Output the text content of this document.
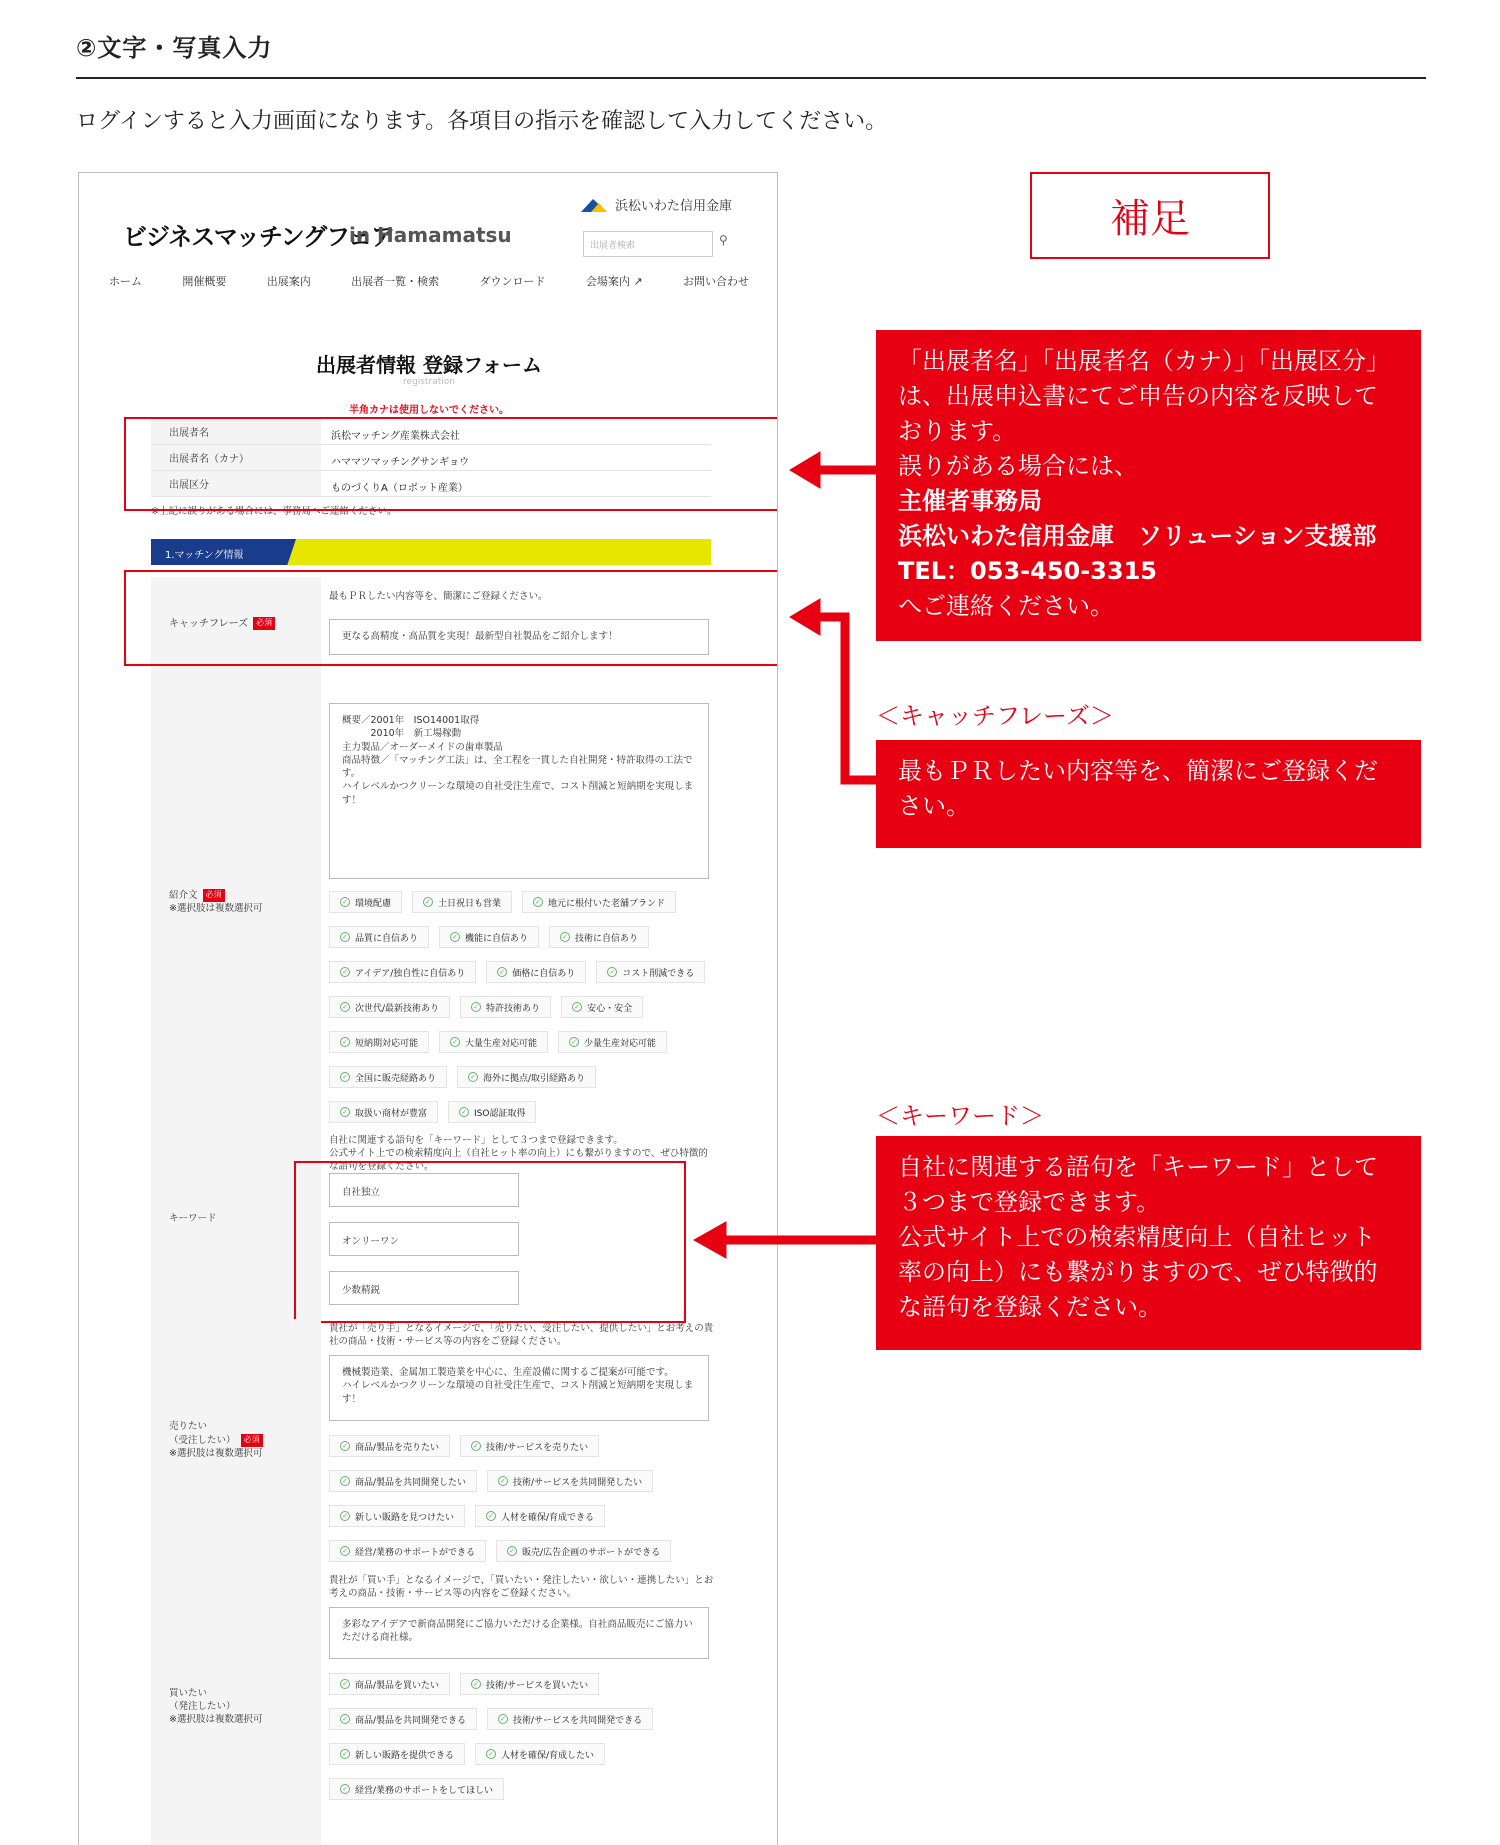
②文字・写真入力
ログインすると入力画面になります。各項目の指示を確認して入力してください。
ビジネスマッチングフェア
in Hamamatsu
浜松いわた信用金庫
出展者検索	⚲
ホーム	開催概要	出展案内	出展者一覧・検索	ダウンロード	会場案内 ↗	お問い合わせ
出展者情報 登録フォーム
registration
半角カナは使用しないでください。
出展者名	浜松マッチング産業株式会社
出展者名（カナ）	ハママツマッチングサンギョウ
出展区分	ものづくりA（ロボット産業）
※上記に誤りがある場合には、事務局へご連絡ください。
1.マッチング情報
キャッチフレーズ 必須
最もＰＲしたい内容等を、簡潔にご登録ください。
更なる高精度・高品質を実現！最新型自社製品をご紹介します！
紹介文 必須
※選択肢は複数選択可
概要／2001年　ISO14001取得
　　　2010年　新工場稼動
主力製品／オーダーメイドの歯車製品
商品特徴／「マッチング工法」は、全工程を一貫した自社開発・特許取得の工法です。
ハイレベルかつクリーンな環境の自社受注生産で、コスト削減と短納期を実現します！
✓ 環境配慮	✓ 土日祝日も営業	✓ 地元に根付いた老舗ブランド
✓ 品質に自信あり	✓ 機能に自信あり	✓ 技術に自信あり
✓ アイデア/独自性に自信あり	✓ 価格に自信あり	✓ コスト削減できる
✓ 次世代/最新技術あり	✓ 特許技術あり	✓ 安心・安全
✓ 短納期対応可能	✓ 大量生産対応可能	✓ 少量生産対応可能
✓ 全国に販売経路あり	✓ 海外に拠点/取引経路あり
✓ 取扱い商材が豊富	✓ ISO認証取得
キーワード
自社に関連する語句を「キーワード」として３つまで登録できます。
公式サイト上での検索精度向上（自社ヒット率の向上）にも繋がりますので、ぜひ特徴的な語句を登録ください。
自社独立
オンリーワン
少数精鋭
売りたい
（受注したい） 必須
※選択肢は複数選択可
貴社が「売り手」となるイメージで、「売りたい、受注したい、提供したい」とお考えの貴社の商品・技術・サービス等の内容をご登録ください。
機械製造業、金属加工製造業を中心に、生産設備に関するご提案が可能です。
ハイレベルかつクリーンな環境の自社受注生産で、コスト削減と短納期を実現します！
✓ 商品/製品を売りたい	✓ 技術/サービスを売りたい
✓ 商品/製品を共同開発したい	✓ 技術/サービスを共同開発したい
✓ 新しい販路を見つけたい	✓ 人材を確保/育成できる
✓ 経営/業務のサポートができる	✓ 販売/広告企画のサポートができる
買いたい
（発注したい）
※選択肢は複数選択可
貴社が「買い手」となるイメージで、「買いたい・発注したい・欲しい・連携したい」とお考えの商品・技術・サービス等の内容をご登録ください。
多彩なアイデアで新商品開発にご協力いただける企業様。自社商品販売にご協力いただける商社様。
✓ 商品/製品を買いたい	✓ 技術/サービスを買いたい
✓ 商品/製品を共同開発できる	✓ 技術/サービスを共同開発できる
✓ 新しい販路を提供できる	✓ 人材を確保/育成したい
✓ 経営/業務のサポートをしてほしい
補足
「出展者名」「出展者名（カナ）」「出展区分」
は、出展申込書にてご申告の内容を反映して
おります。
誤りがある場合には、
主催者事務局
浜松いわた信用金庫　ソリューション支援部
TEL：053-450-3315
へご連絡ください。
＜キャッチフレーズ＞
最もＰＲしたい内容等を、簡潔にご登録ください。
＜キーワード＞
自社に関連する語句を「キーワード」として
３つまで登録できます。
公式サイト上での検索精度向上（自社ヒット
率の向上）にも繋がりますので、ぜひ特徴的
な語句を登録ください。
